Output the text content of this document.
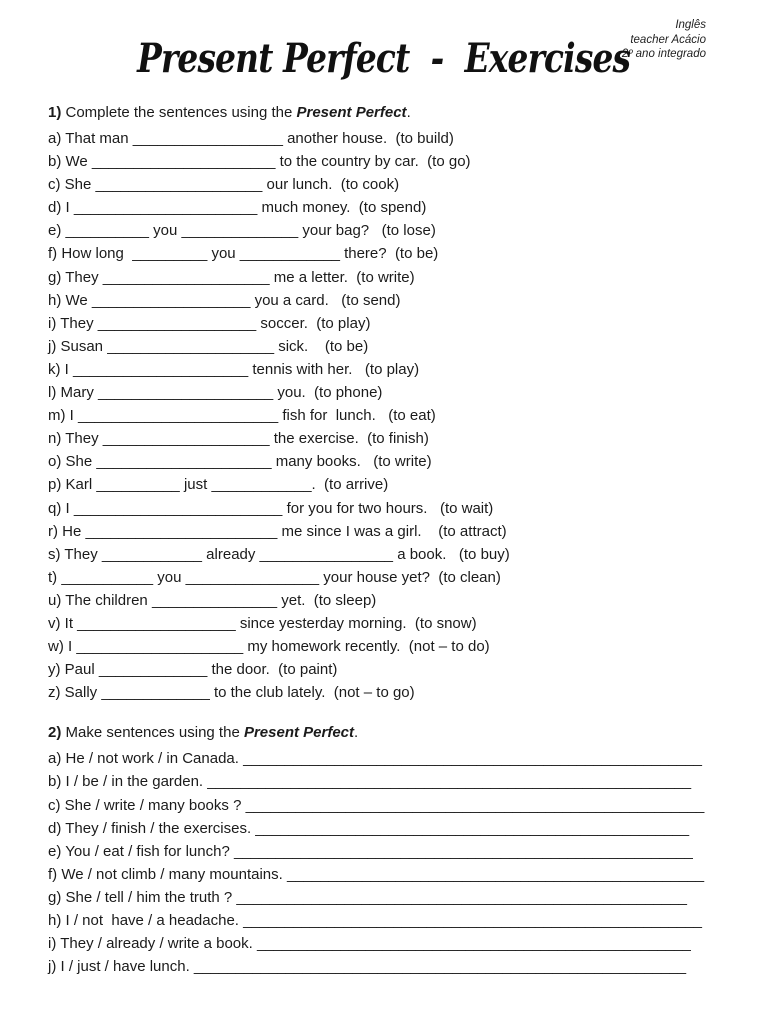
Inglês
teacher Acácio
2º ano integrado
Present Perfect  -  Exercises
1) Complete the sentences using the Present Perfect.
a) That man __________________ another house.  (to build)
b) We ______________________ to the country by car.  (to go)
c) She ____________________ our lunch.  (to cook)
d) I ______________________ much money.  (to spend)
e) __________ you ______________ your bag?   (to lose)
f) How long  _________ you ____________ there?  (to be)
g) They ____________________ me a letter.  (to write)
h) We ___________________ you a card.   (to send)
i) They ___________________ soccer.  (to play)
j) Susan ____________________ sick.    (to be)
k) I _____________________ tennis with her.   (to play)
l) Mary _____________________ you.  (to phone)
m) I ________________________ fish for  lunch.   (to eat)
n) They ____________________ the exercise.  (to finish)
o) She _____________________ many books.   (to write)
p) Karl __________ just ____________.  (to arrive)
q) I _________________________ for you for two hours.   (to wait)
r) He _______________________ me since I was a girl.    (to attract)
s) They ____________ already ________________ a book.   (to buy)
t) ___________ you ________________ your house yet?  (to clean)
u) The children _______________ yet.  (to sleep)
v) It ___________________ since yesterday morning.  (to snow)
w) I ____________________ my homework recently.  (not – to do)
y) Paul _____________ the door.  (to paint)
z) Sally _____________ to the club lately.  (not – to go)
2) Make sentences using the Present Perfect.
a) He / not work / in Canada. _______________________________________________________
b) I / be / in the garden. __________________________________________________________
c) She / write / many books ? _______________________________________________________
d) They / finish / the exercises. ____________________________________________________
e) You / eat / fish for lunch? _______________________________________________________
f) We / not climb / many mountains. __________________________________________________
g) She / tell / him the truth ? ______________________________________________________
h) I / not  have / a headache. _______________________________________________________
i) They / already / write a book. ____________________________________________________
j) I / just / have lunch. ___________________________________________________________
